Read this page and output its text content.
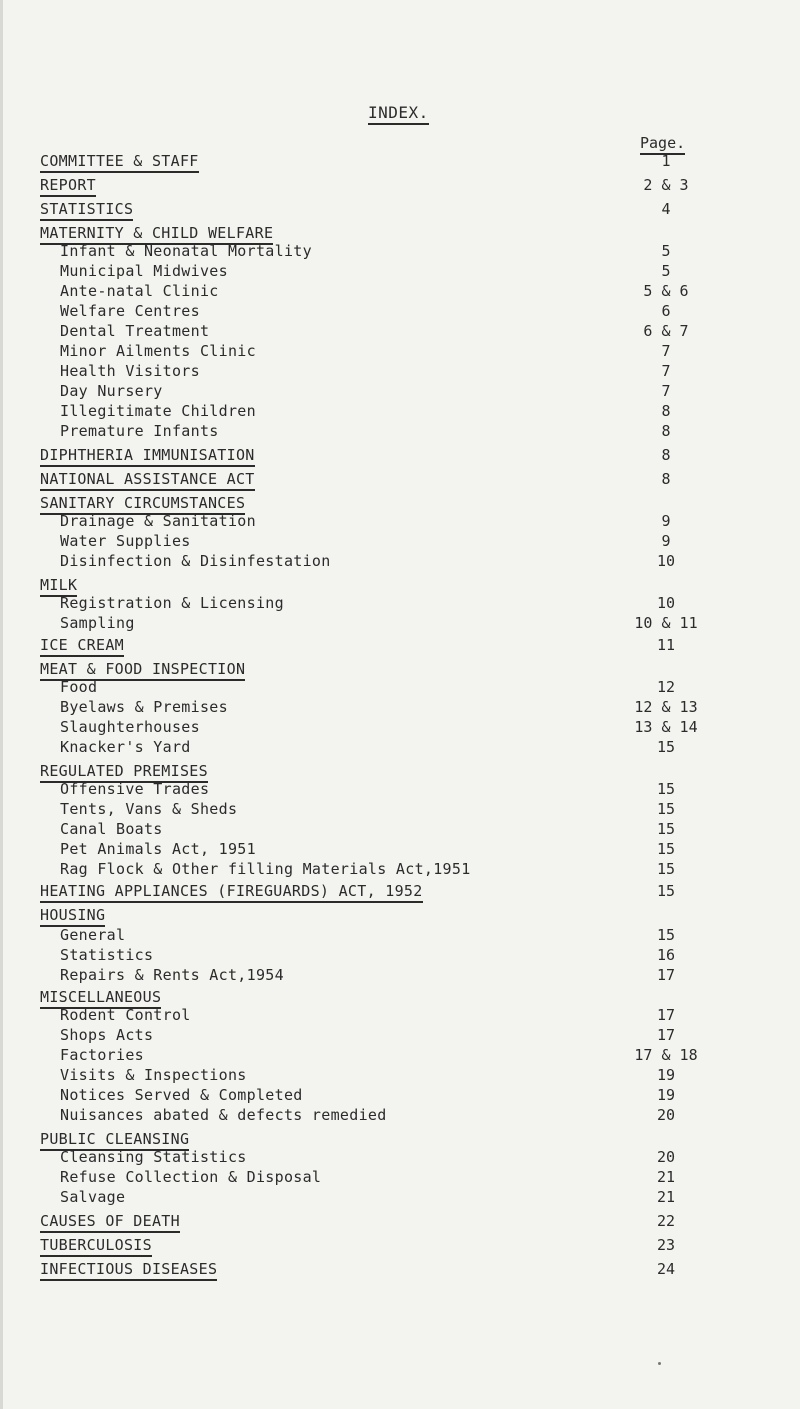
INDEX.
Page.
COMMITTEE & STAFF	1
REPORT	2 & 3
STATISTICS	4
MATERNITY & CHILD WELFARE
Infant & Neonatal Mortality	5
Municipal Midwives	5
Ante-natal Clinic	5 & 6
Welfare Centres	6
Dental Treatment	6 & 7
Minor Ailments Clinic	7
Health Visitors	7
Day Nursery	7
Illegitimate Children	8
Premature Infants	8
DIPHTHERIA IMMUNISATION	8
NATIONAL ASSISTANCE ACT	8
SANITARY CIRCUMSTANCES
Drainage & Sanitation	9
Water Supplies	9
Disinfection & Disinfestation	10
MILK
Registration & Licensing	10
Sampling	10 & 11
ICE CREAM	11
MEAT & FOOD INSPECTION
Food	12
Byelaws & Premises	12 & 13
Slaughterhouses	13 & 14
Knacker's Yard	15
REGULATED PREMISES
Offensive Trades	15
Tents, Vans & Sheds	15
Canal Boats	15
Pet Animals Act, 1951	15
Rag Flock & Other filling Materials Act,1951	15
HEATING APPLIANCES (FIREGUARDS) ACT, 1952	15
HOUSING
General	15
Statistics	16
Repairs & Rents Act,1954	17
MISCELLANEOUS
Rodent Control	17
Shops Acts	17
Factories	17 & 18
Visits & Inspections	19
Notices Served & Completed	19
Nuisances abated & defects remedied	20
PUBLIC CLEANSING
Cleansing Statistics	20
Refuse Collection & Disposal	21
Salvage	21
CAUSES OF DEATH	22
TUBERCULOSIS	23
INFECTIOUS DISEASES	24
